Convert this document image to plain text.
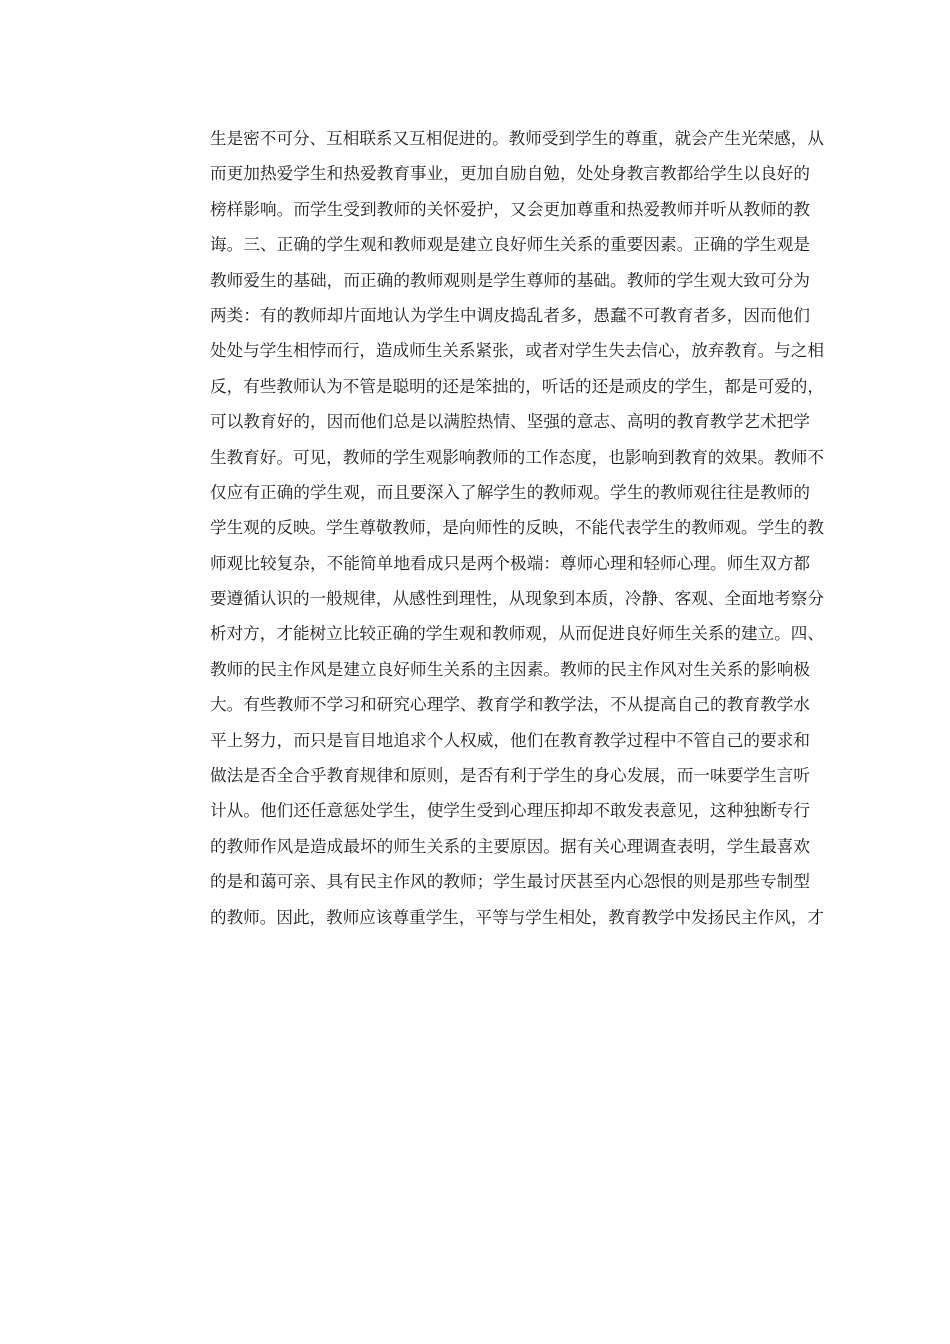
生是密不可分、互相联系又互相促进的。教师受到学生的尊重，就会产生光荣感，从
而更加热爱学生和热爱教育事业，更加自励自勉，处处身教言教都给学生以良好的
榜样影响。而学生受到教师的关怀爱护，又会更加尊重和热爱教师并听从教师的教
诲。三、正确的学生观和教师观是建立良好师生关系的重要因素。正确的学生观是
教师爱生的基础，而正确的教师观则是学生尊师的基础。教师的学生观大致可分为
两类：有的教师却片面地认为学生中调皮捣乱者多，愚蠢不可教育者多，因而他们
处处与学生相悖而行，造成师生关系紧张，或者对学生失去信心，放弃教育。与之相
反，有些教师认为不管是聪明的还是笨拙的，听话的还是顽皮的学生，都是可爱的，
可以教育好的，因而他们总是以满腔热情、坚强的意志、高明的教育教学艺术把学
生教育好。可见，教师的学生观影响教师的工作态度，也影响到教育的效果。教师不
仅应有正确的学生观，而且要深入了解学生的教师观。学生的教师观往往是教师的
学生观的反映。学生尊敬教师，是向师性的反映，不能代表学生的教师观。学生的教
师观比较复杂，不能简单地看成只是两个极端：尊师心理和轻师心理。师生双方都
要遵循认识的一般规律，从感性到理性，从现象到本质，冷静、客观、全面地考察分
析对方，才能树立比较正确的学生观和教师观，从而促进良好师生关系的建立。四、
教师的民主作风是建立良好师生关系的主因素。教师的民主作风对生关系的影响极
大。有些教师不学习和研究心理学、教育学和教学法，不从提高自己的教育教学水
平上努力，而只是盲目地追求个人权威，他们在教育教学过程中不管自己的要求和
做法是否全合乎教育规律和原则，是否有利于学生的身心发展，而一味要学生言听
计从。他们还任意惩处学生，使学生受到心理压抑却不敢发表意见，这种独断专行
的教师作风是造成最坏的师生关系的主要原因。据有关心理调查表明，学生最喜欢
的是和蔼可亲、具有民主作风的教师；学生最讨厌甚至内心怨恨的则是那些专制型
的教师。因此，教师应该尊重学生，平等与学生相处，教育教学中发扬民主作风，才
